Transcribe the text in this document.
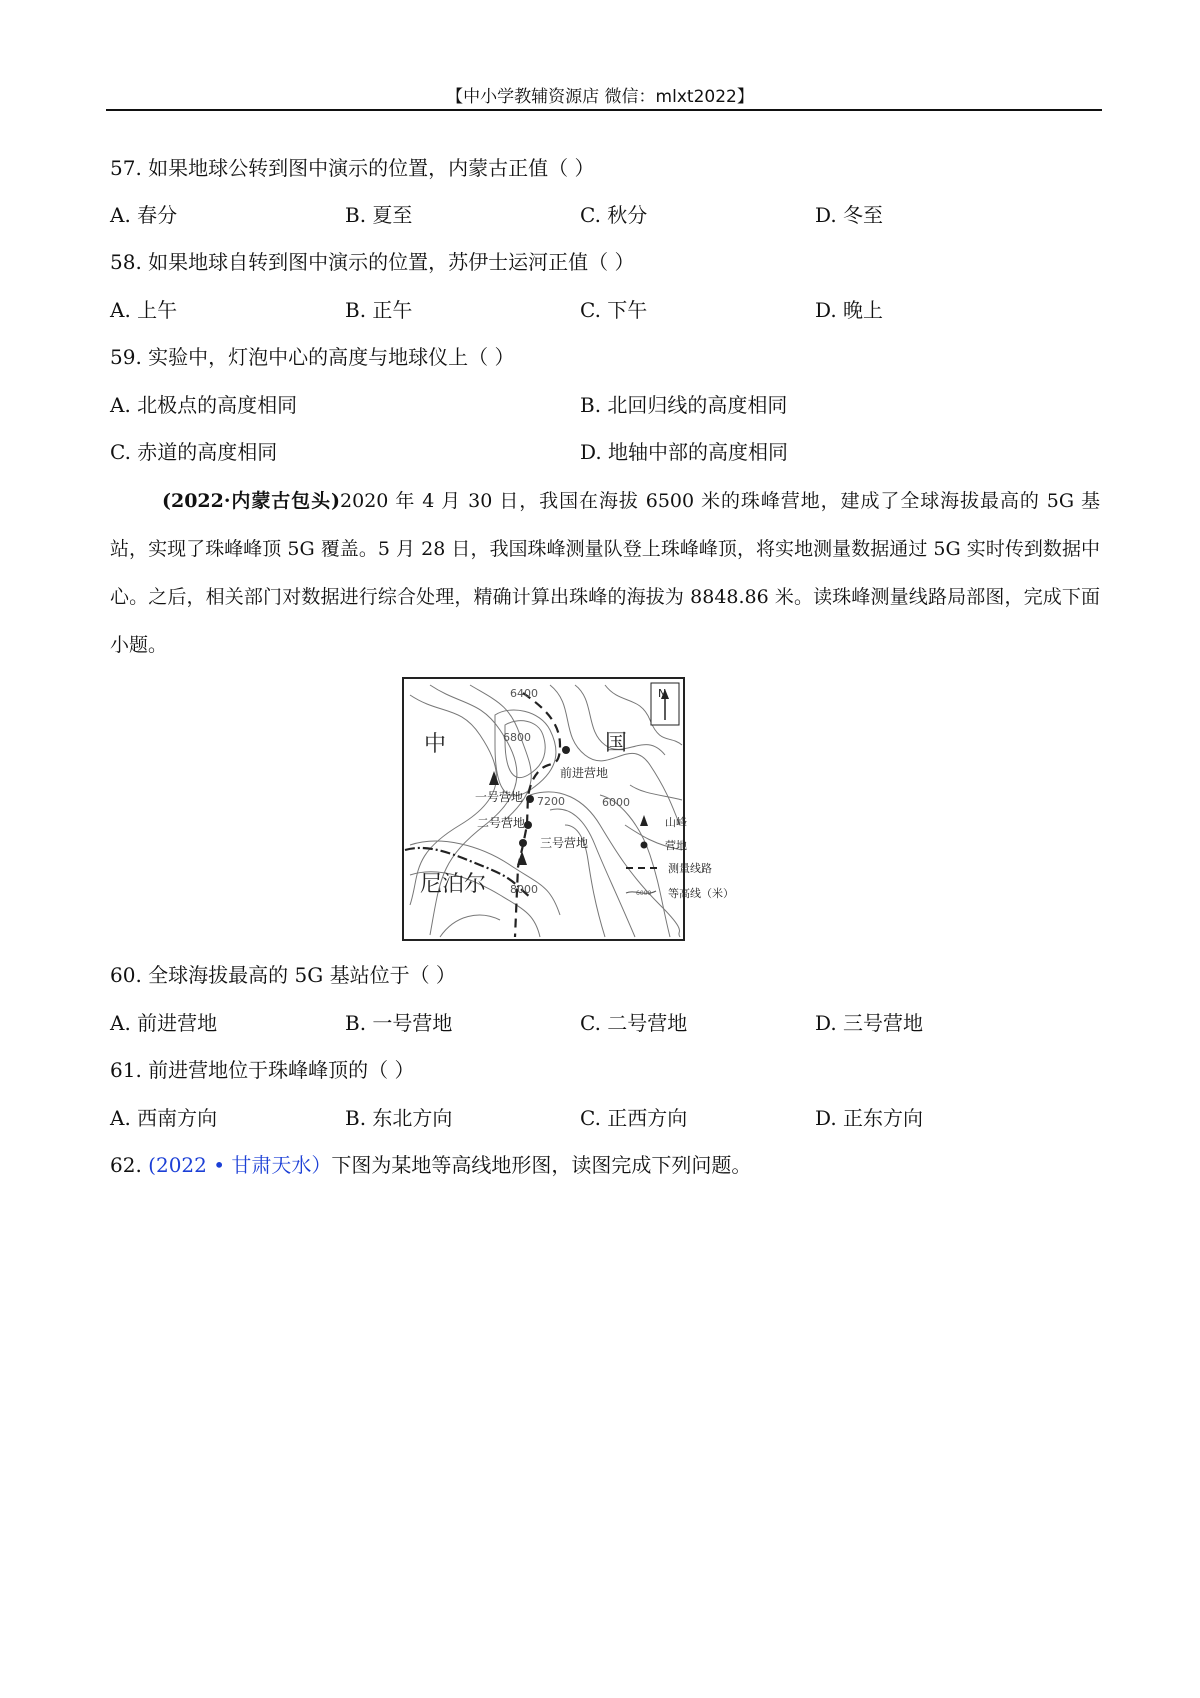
【中小学教辅资源店 微信：mlxt2022】
57. 如果地球公转到图中演示的位置，内蒙古正值（ ）
A. 春分	B. 夏至	C. 秋分	D. 冬至
58. 如果地球自转到图中演示的位置，苏伊士运河正值（ ）
A. 上午	B. 正午	C. 下午	D. 晚上
59. 实验中，灯泡中心的高度与地球仪上（ ）
A. 北极点的高度相同	B. 北回归线的高度相同
C. 赤道的高度相同	D. 地轴中部的高度相同
(2022·内蒙古包头)2020 年 4 月 30 日，我国在海拔 6500 米的珠峰营地，建成了全球海拔最高的 5G 基站，实现了珠峰峰顶 5G 覆盖。5 月 28 日，我国珠峰测量队登上珠峰峰顶，将实地测量数据通过 5G 实时传到数据中心。之后，相关部门对数据进行综合处理，精确计算出珠峰的海拔为 8848.86 米。读珠峰测量线路局部图，完成下面小题。
N
中	国
尼泊尔
6400
6800
7200	6000
8000
前进营地
一号营地
二号营地
三号营地
山峰
营地
测量线路
6000 等高线（米）
60. 全球海拔最高的 5G 基站位于（ ）
A. 前进营地	B. 一号营地	C. 二号营地	D. 三号营地
61. 前进营地位于珠峰峰顶的（ ）
A. 西南方向	B. 东北方向	C. 正西方向	D. 正东方向
62. (2022 • 甘肃天水）下图为某地等高线地形图，读图完成下列问题。
